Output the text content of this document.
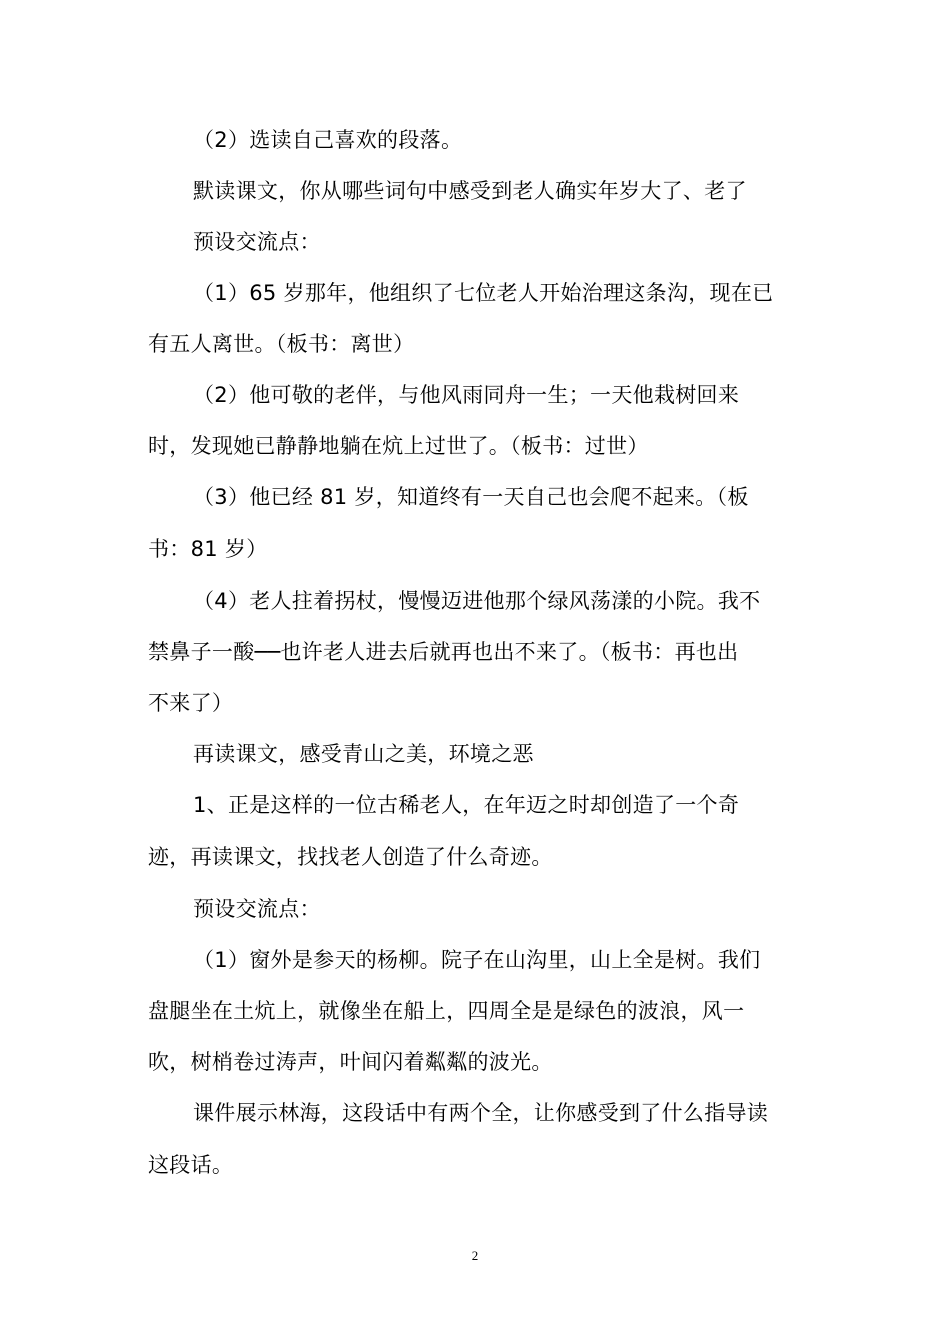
（2）选读自己喜欢的段落。
默读课文，你从哪些词句中感受到老人确实年岁大了、老了
预设交流点：
（1）65 岁那年，他组织了七位老人开始治理这条沟，现在已
有五人离世。（板书：离世）
（2）他可敬的老伴，与他风雨同舟一生；一天他栽树回来
时，发现她已静静地躺在炕上过世了。（板书：过世）
（3）他已经 81 岁，知道终有一天自己也会爬不起来。（板
书：81 岁）
（4）老人拄着拐杖，慢慢迈进他那个绿风荡漾的小院。我不
禁鼻子一酸──也许老人进去后就再也出不来了。（板书：再也出
不来了）
再读课文，感受青山之美，环境之恶
1、正是这样的一位古稀老人，在年迈之时却创造了一个奇
迹，再读课文，找找老人创造了什么奇迹。
预设交流点：
（1）窗外是参天的杨柳。院子在山沟里，山上全是树。我们
盘腿坐在土炕上，就像坐在船上，四周全是是绿色的波浪，风一
吹，树梢卷过涛声，叶间闪着粼粼的波光。
课件展示林海，这段话中有两个全，让你感受到了什么指导读
这段话。
2
